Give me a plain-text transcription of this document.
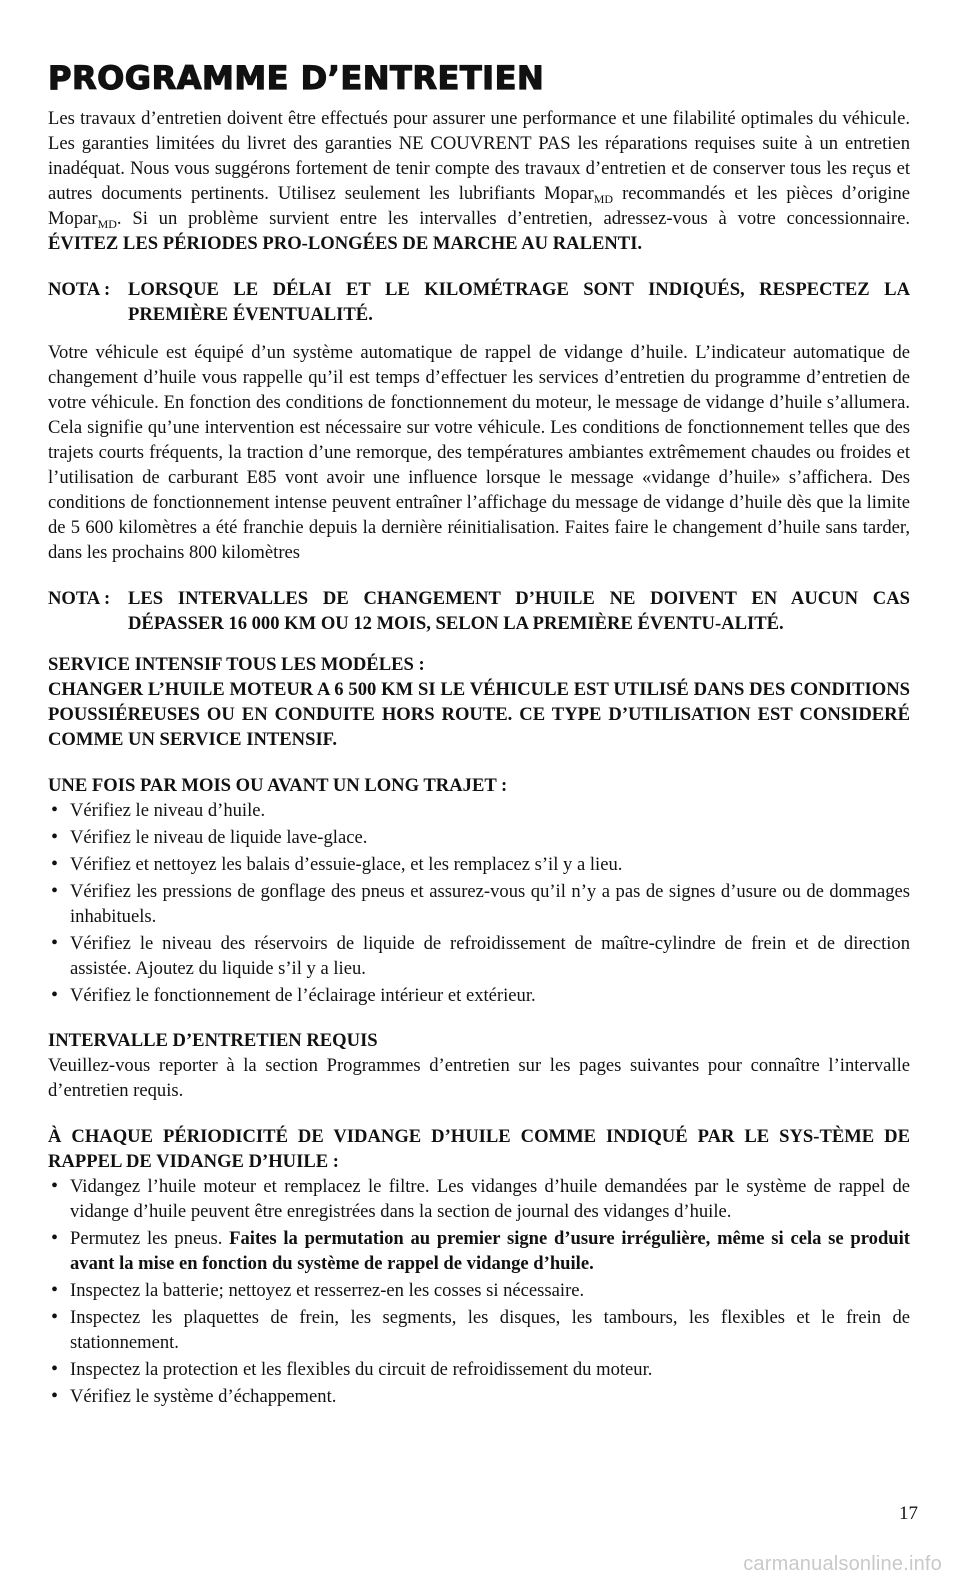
PROGRAMME D’ENTRETIEN

Les travaux d’entretien doivent être effectués pour assurer une performance et une filabilité optimales du véhicule. Les garanties limitées du livret des garanties NE COUVRENT PAS les réparations requises suite à un entretien inadéquat. Nous vous suggérons fortement de tenir compte des travaux d’entretien et de conserver tous les reçus et autres documents pertinents. Utilisez seulement les lubrifiants Mopar$_{MD}$ recommandés et les pièces d’origine Mopar$_{MD}$. Si un problème survient entre les intervalles d’entretien, adressez-vous à votre concessionnaire. ÉVITEZ LES PÉRIODES PRO-LONGÉES DE MARCHE AU RALENTI.

NOTA : LORSQUE LE DÉLAI ET LE KILOMÉTRAGE SONT INDIQUÉS, RESPECTEZ LA PREMIÈRE ÉVENTUALITÉ.

Votre véhicule est équipé d’un système automatique de rappel de vidange d’huile. L’indicateur automatique de changement d’huile vous rappelle qu’il est temps d’effectuer les services d’entretien du programme d’entretien de votre véhicule. En fonction des conditions de fonctionnement du moteur, le message de vidange d’huile s’allumera. Cela signifie qu’une intervention est nécessaire sur votre véhicule. Les conditions de fonctionnement telles que des trajets courts fréquents, la traction d’une remorque, des températures ambiantes extrêmement chaudes ou froides et l’utilisation de carburant E85 vont avoir une influence lorsque le message «vidange d’huile» s’affichera. Des conditions de fonctionnement intense peuvent entraîner l’affichage du message de vidange d’huile dès que la limite de 5 600 kilomètres a été franchie depuis la dernière réinitialisation. Faites faire le changement d’huile sans tarder, dans les prochains 800 kilomètres

NOTA : LES INTERVALLES DE CHANGEMENT D’HUILE NE DOIVENT EN AUCUN CAS DÉPASSER 16 000 KM OU 12 MOIS, SELON LA PREMIÈRE ÉVENTU-ALITÉ.

SERVICE INTENSIF TOUS LES MODÉLES :
CHANGER L’HUILE MOTEUR A 6 500 KM SI LE VÉHICULE EST UTILISÉ DANS DES CONDITIONS POUSSIÉREUSES OU EN CONDUITE HORS ROUTE. CE TYPE D’UTILISATION EST CONSIDERÉ COMME UN SERVICE INTENSIF.

UNE FOIS PAR MOIS OU AVANT UN LONG TRAJET :
• Vérifiez le niveau d’huile.
• Vérifiez le niveau de liquide lave-glace.
• Vérifiez et nettoyez les balais d’essuie-glace, et les remplacez s’il y a lieu.
• Vérifiez les pressions de gonflage des pneus et assurez-vous qu’il n’y a pas de signes d’usure ou de dommages inhabituels.
• Vérifiez le niveau des réservoirs de liquide de refroidissement de maître-cylindre de frein et de direction assistée. Ajoutez du liquide s’il y a lieu.
• Vérifiez le fonctionnement de l’éclairage intérieur et extérieur.
INTERVALLE D’ENTRETIEN REQUIS

Veuillez-vous reporter à la section Programmes d’entretien sur les pages suivantes pour connaître l’intervalle d’entretien requis.

À CHAQUE PÉRIODICITÉ DE VIDANGE D’HUILE COMME INDIQUÉ PAR LE SYS-TÈME DE RAPPEL DE VIDANGE D’HUILE :
• Vidangez l’huile moteur et remplacez le filtre. Les vidanges d’huile demandées par le système de rappel de vidange d’huile peuvent être enregistrées dans la section de journal des vidanges d’huile.
• Permutez les pneus. Faites la permutation au premier signe d’usure irrégulière, même si cela se produit avant la mise en fonction du système de rappel de vidange d’huile.
• Inspectez la batterie; nettoyez et resserrez-en les cosses si nécessaire.
• Inspectez les plaquettes de frein, les segments, les disques, les tambours, les flexibles et le frein de stationnement.
• Inspectez la protection et les flexibles du circuit de refroidissement du moteur.
• Vérifiez le système d’échappement.
17
carmanualsonline.info
